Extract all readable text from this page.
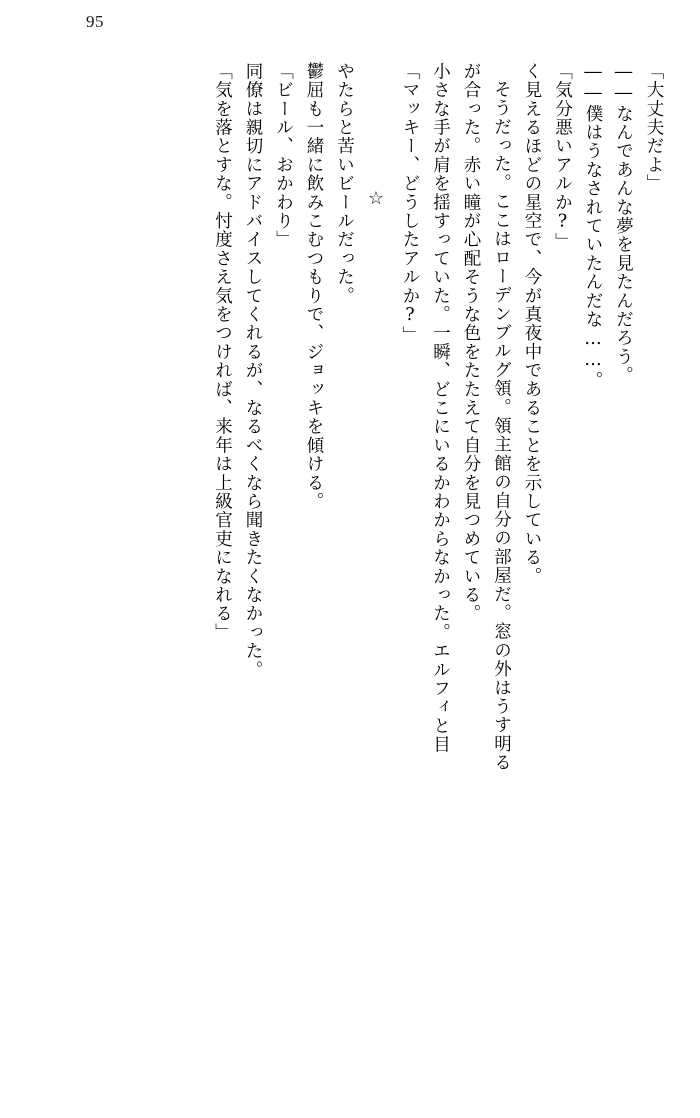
95
「気を落とすな。忖度さえ気をつければ、来年は上級官吏になれる」 同僚は親切にアドバイスしてくれるが、なるべくなら聞きたくなかった。 「ビール、おかわり」 鬱屈も一緒に飲みこむつもりで、ジョッキを傾ける。 やたらと苦いビールだった。 ☆ 「マッキー、どうしたアルか?」 小さな手が肩を揺すっていた。一瞬、どこにいるかわからなかった。エルフィと目 が合った。赤い瞳が心配そうな色をたたえて自分を見つめている。 そうだった。ここはローデンブルグ領。領主館の自分の部屋だ。窓の外はうす明る く見えるほどの星空で、今が真夜中であることを示している。 「気分悪いアルか?」 ――僕はうなされていたんだな……。 ――なんであんな夢を見たんだろう。 「大丈夫だよ」
